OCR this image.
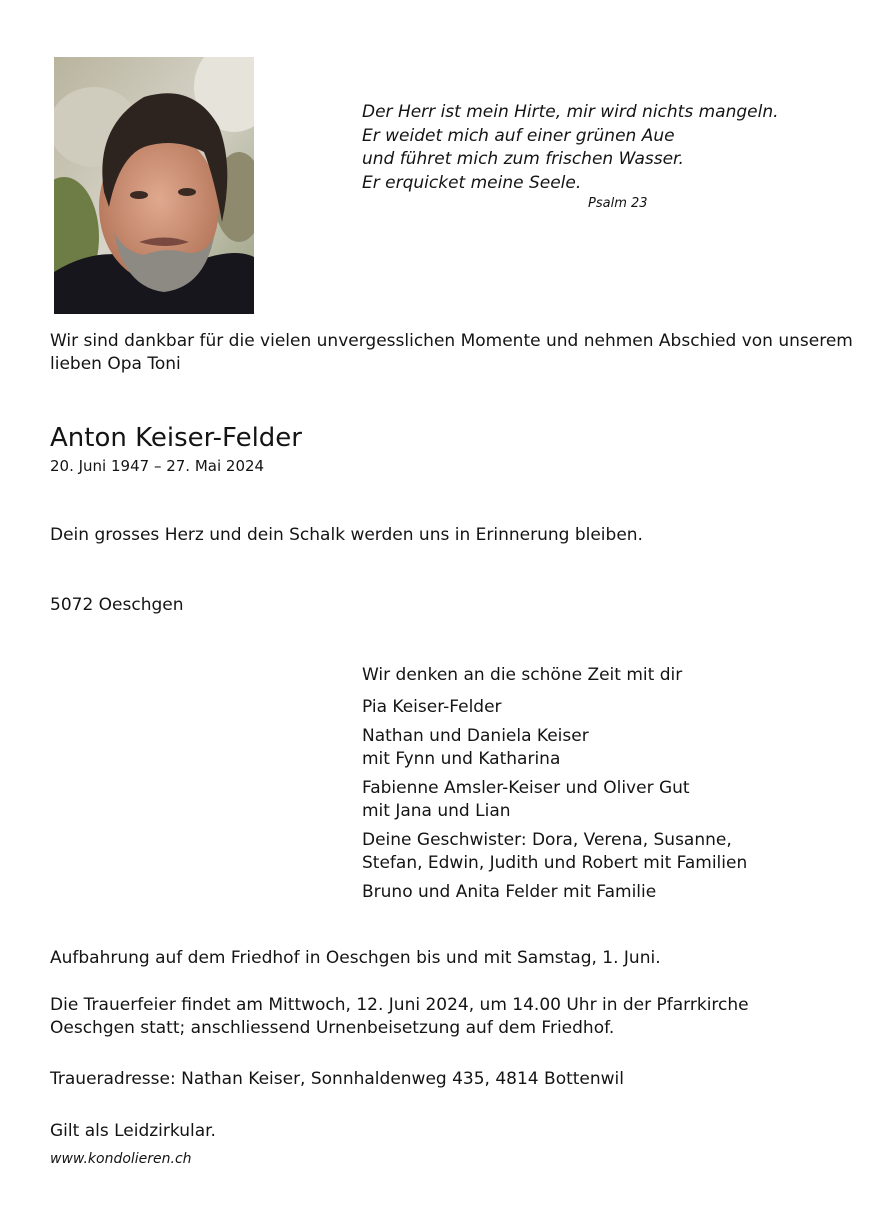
Der Herr ist mein Hirte, mir wird nichts mangeln.
Er weidet mich auf einer grünen Aue
und führet mich zum frischen Wasser.
Er erquicket meine Seele.
Psalm 23
Wir sind dankbar für die vielen unvergesslichen Momente und nehmen Abschied von unserem lieben Opa Toni
Anton Keiser-Felder
20. Juni 1947 – 27. Mai 2024
Dein grosses Herz und dein Schalk werden uns in Erinnerung bleiben.
5072 Oeschgen
Wir denken an die schöne Zeit mit dir
Pia Keiser-Felder
Nathan und Daniela Keiser
mit Fynn und Katharina
Fabienne Amsler-Keiser und Oliver Gut
mit Jana und Lian
Deine Geschwister: Dora, Verena, Susanne,
Stefan, Edwin, Judith und Robert mit Familien
Bruno und Anita Felder mit Familie
Aufbahrung auf dem Friedhof in Oeschgen bis und mit Samstag, 1. Juni.
Die Trauerfeier findet am Mittwoch, 12. Juni 2024, um 14.00 Uhr in der Pfarrkirche
Oeschgen statt; anschliessend Urnenbeisetzung auf dem Friedhof.
Traueradresse: Nathan Keiser, Sonnhaldenweg 435, 4814 Bottenwil
Gilt als Leidzirkular.
www.kondolieren.ch
